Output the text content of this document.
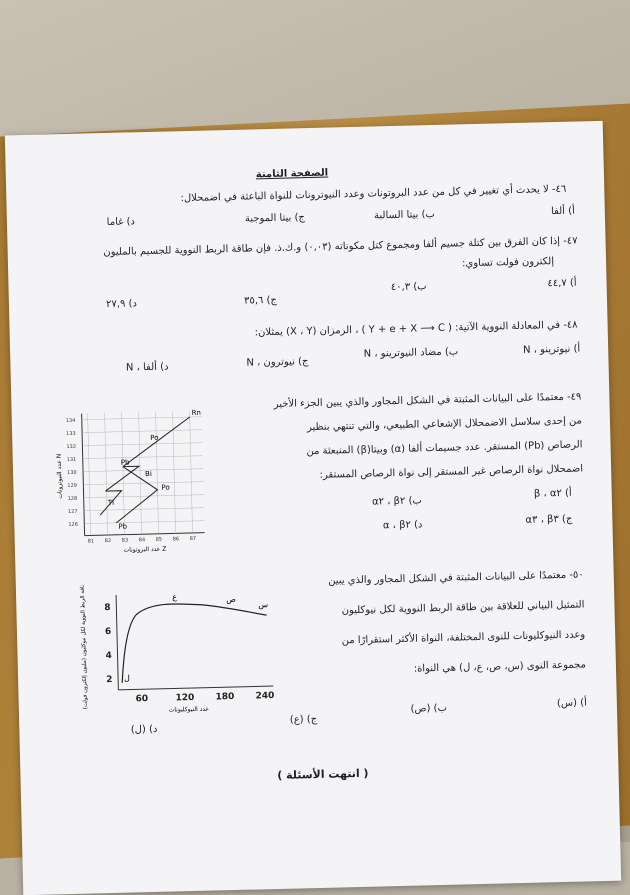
الصفحة الثامنة
٤٦- لا يحدث أي تغيير في كل من عدد البروتونات وعدد النيوترونات للنواة الباعثة في اضمحلال:
أ) ألفا
ب) بيتا السالبة
ج) بيتا الموجبة
د) غاما
٤٧- إذا كان الفرق بين كتلة جسيم ألفا ومجموع كتل مكوناته (٠,٠٣) و.ك.ذ. فإن طاقة الربط النووية للجسيم بالمليون
إلكترون فولت تساوي:
أ) ٤٤,٧
ب) ٤٠,٣
ج) ٣٥,٦
د) ٢٧,٩
٤٨- في المعادلة النووية الآتية: ( Y + e + X ⟶ C ) ، الرمزان (X ، Y) يمثلان:
أ) نيوترينو ، N
ب) مضاد النيوترينو ، N
ج) نيوترون ، N
د) ألفا ، N
٤٩- معتمدًا على البيانات المثبتة في الشكل المجاور والذي يبين الجزء الأخير
من إحدى سلاسل الاضمحلال الإشعاعي الطبيعي، والتي تنتهي بنظير
الرصاص (Pb) المستقر. عدد جسيمات ألفا (α) وبيتا(β) المنبعثة من
اضمحلال نواة الرصاص غير المستقر إلى نواة الرصاص المستقر:
أ) β ، α٢
ب) β٢ ، α٢
ج) β٣ ، α٣
د) α ، β٢
134
133
132
131
130
129
128
127
126
81 82 83 84 85 86 87
Rn
Po
Pb
Bi
Po
Tl
Pb
عدد النيوترونات N
عدد البروتونات Z
٥٠- معتمدًا على البيانات المثبتة في الشكل المجاور والذي يبين
التمثيل البياني للعلاقة بين طاقة الربط النووية لكل نيوكليون
وعدد النيوكليونات للنوى المختلفة، النواة الأكثر استقرارًا من
مجموعة النوى (س، ص، ع، ل) هي النواة:
أ) (س)
ب) (ص)
ج) (ع)
د) (ل)
8
6
4
2
60	120 180 240
ل
ع	ص
س
طاقة الربط النووية لكل نيوكليون (مليون إلكترون فولت)
عدد النيوكليونات
( انتهت الأسئلة )
